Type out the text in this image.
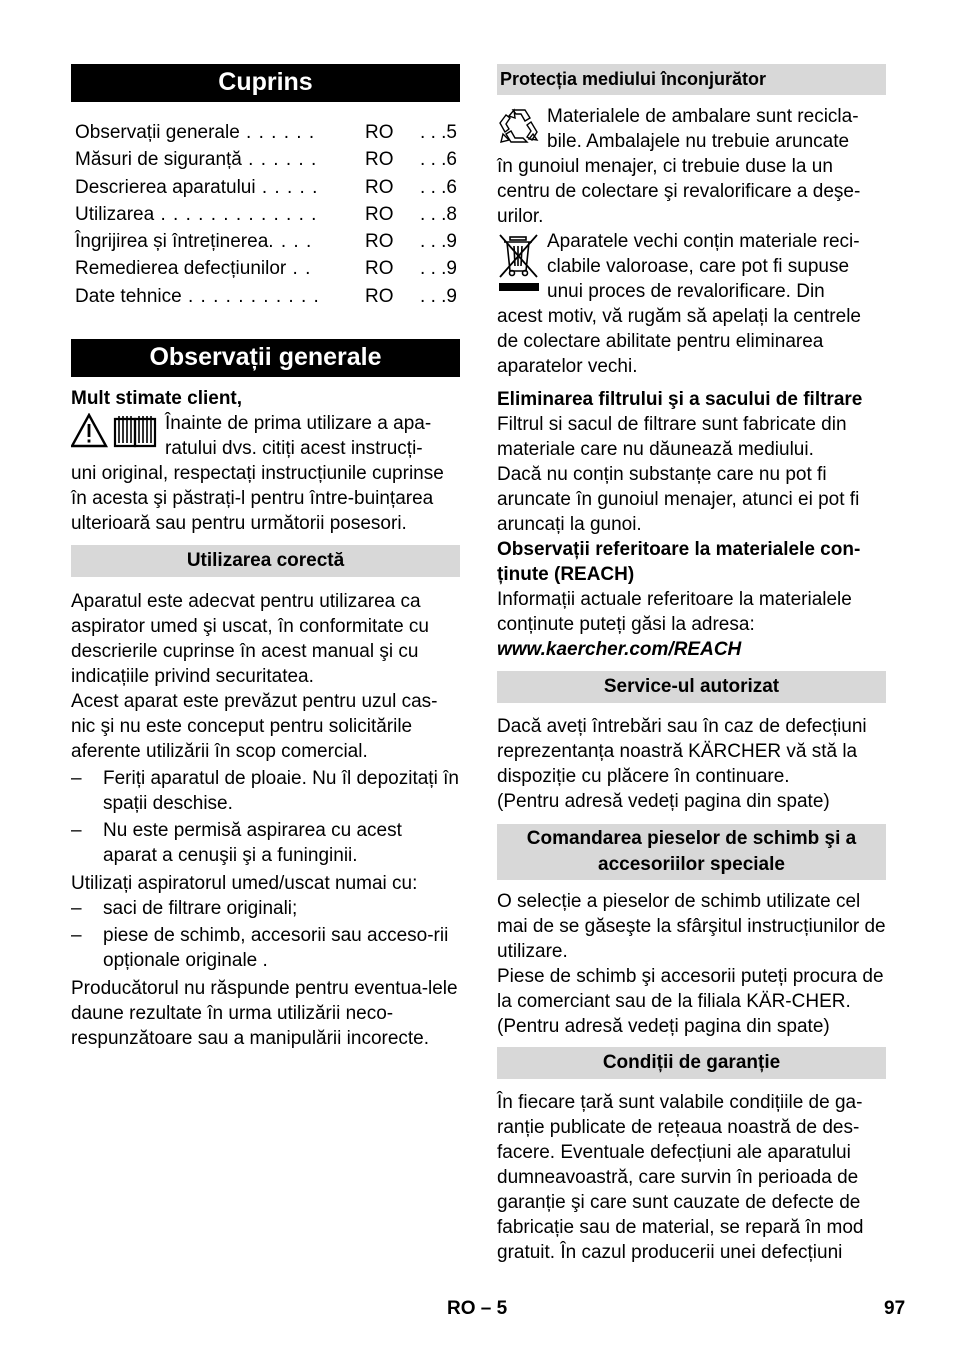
Cuprins
Observații generale . . . . . .	RO	. . .5
Măsuri de siguranță . . . . . .	RO	. . .6
Descrierea aparatului . . . . .	RO	. . .6
Utilizarea . . . . . . . . . . . . .	RO	. . .8
Îngrijirea și întreținerea. . . .	RO	. . .9
Remedierea defecțiunilor . .	RO	. . .9
Date tehnice . . . . . . . . . . .	RO	. . .9
Observații generale

Mult stimate client,

Înainte de prima utilizare a apa-

ratului dvs. citiți acest instrucți-

uni original, respectați instrucțiunile cuprinse în acesta şi păstrați-l pentru între-buințarea ulterioară sau pentru următorii posesori.

Utilizarea corectă

Aparatul este adecvat pentru utilizarea ca aspirator umed şi uscat, în conformitate cu descrierile cuprinse în acest manual şi cu indicațiile privind securitatea.

Acest aparat este prevăzut pentru uzul cas-nic şi nu este conceput pentru solicitările aferente utilizării în scop comercial.

–	Feriți aparatul de ploaie. Nu îl depozitați în spații deschise.
–	Nu este permisă aspirarea cu acest aparat a cenuşii şi a funinginii.

Utilizați aspiratorul umed/uscat numai cu:

–	saci de filtrare originali;
–	piese de schimb, accesorii sau acceso-rii opționale originale .

Producătorul nu răspunde pentru eventua-lele daune rezultate în urma utilizării neco-respunzătoare sau a manipulării incorecte.

Protecția mediului înconjurător

Materialele de ambalare sunt recicla-

bile. Ambalajele nu trebuie aruncate

în gunoiul menajer, ci trebuie duse la un centru de colectare şi revalorificare a deşe-urilor.

Aparatele vechi conțin materiale reci-

clabile valoroase, care pot fi supuse

unui proces de revalorificare. Din

acest motiv, vă rugăm să apelați la centrele de colectare abilitate pentru eliminarea aparatelor vechi.

Eliminarea filtrului şi a sacului de filtrare

Filtrul si sacul de filtrare sunt fabricate din materiale care nu dăunează mediului.

Dacă nu conțin substanțe care nu pot fi aruncate în gunoiul menajer, atunci ei pot fi aruncați la gunoi.

Observații referitoare la materialele con-ținute (REACH)

Informații actuale referitoare la materialele conținute puteți găsi la adresa:

www.kaercher.com/REACH

Service-ul autorizat

Dacă aveți întrebări sau în caz de defecțiuni reprezentanța noastră KÄRCHER vă stă la dispoziție cu plăcere în continuare.

(Pentru adresă vedeți pagina din spate)

Comandarea pieselor de schimb şi a accesoriilor speciale

O selecție a pieselor de schimb utilizate cel mai de se găseşte la sfârşitul instrucțiunilor de utilizare.

Piese de schimb şi accesorii puteți procura de la comerciant sau de la filiala KÄR-CHER.

(Pentru adresă vedeți pagina din spate)

Condiții de garanție

În fiecare țară sunt valabile condițiile de ga-ranție publicate de rețeaua noastră de des-facere. Eventuale defecțiuni ale aparatului dumneavoastră, care survin în perioada de garanție şi care sunt cauzate de defecte de fabricație sau de material, se repară în mod gratuit. În cazul producerii unei defecțiuni

RO – 5	97
